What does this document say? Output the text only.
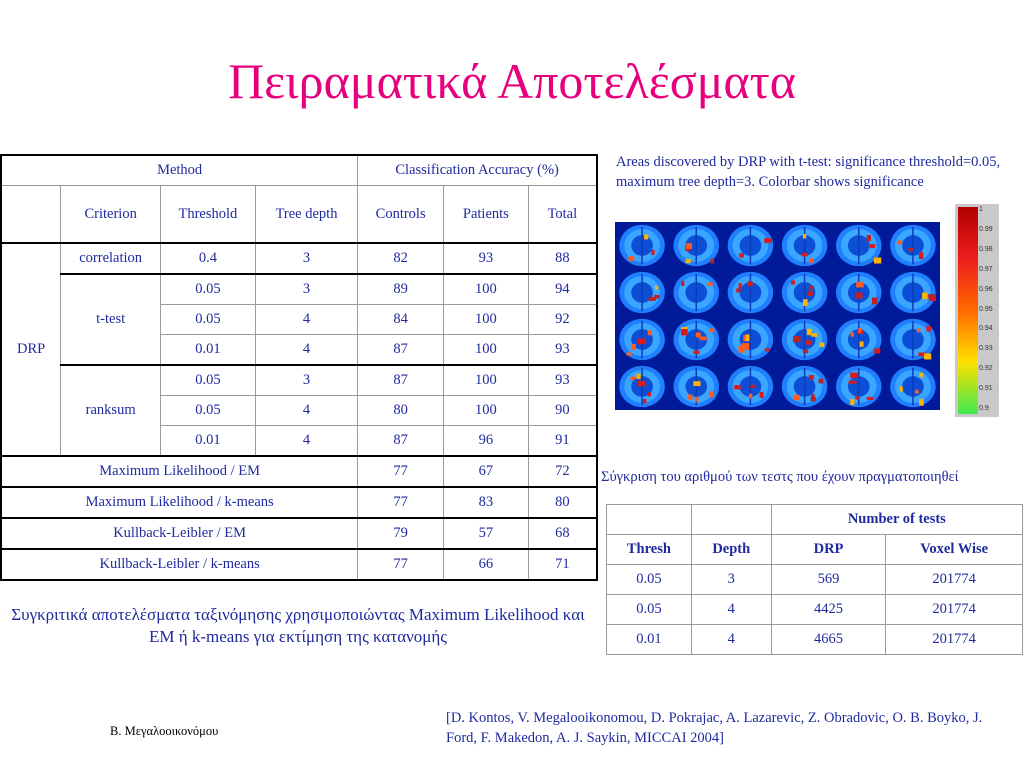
Πειραματικά Αποτελέσματα
Method				Classification Accuracy (%)		
	Criterion	Threshold	Tree depth	Controls	Patients	Total
DRP	correlation	0.4	3	82	93	88
	t-test	0.05	3	89	100	94
		0.05	4	84	100	92
		0.01	4	87	100	93
	ranksum	0.05	3	87	100	93
		0.05	4	80	100	90
		0.01	4	87	96	91
Maximum Likelihood / EM				77	67	72
Maximum Likelihood / k-means				77	83	80
Kullback-Leibler / EM				79	57	68
Kullback-Leibler / k-means				77	66	71
Συγκριτικά αποτελέσματα ταξινόμησης χρησιμοποιώντας Maximum Likelihood και EM ή k-means για εκτίμηση της κατανομής
Areas discovered by DRP with t-test: significance threshold=0.05, maximum tree depth=3. Colorbar shows significance
1
0.99
0.98
0.97
0.96
0.95
0.94
0.93
0.92
0.91
0.9
Σύγκριση του αριθμού των τεστς που έχουν πραγματοποιηθεί
		Number of tests	
Thresh	Depth	DRP	Voxel Wise
0.05	3	569	201774
0.05	4	4425	201774
0.01	4	4665	201774
Β. Μεγαλοοικονόμου
[D. Kontos, V. Megalooikonomou, D. Pokrajac, A. Lazarevic, Z. Obradovic, O. B. Boyko, J. Ford, F. Makedon, A. J. Saykin, MICCAI 2004]
